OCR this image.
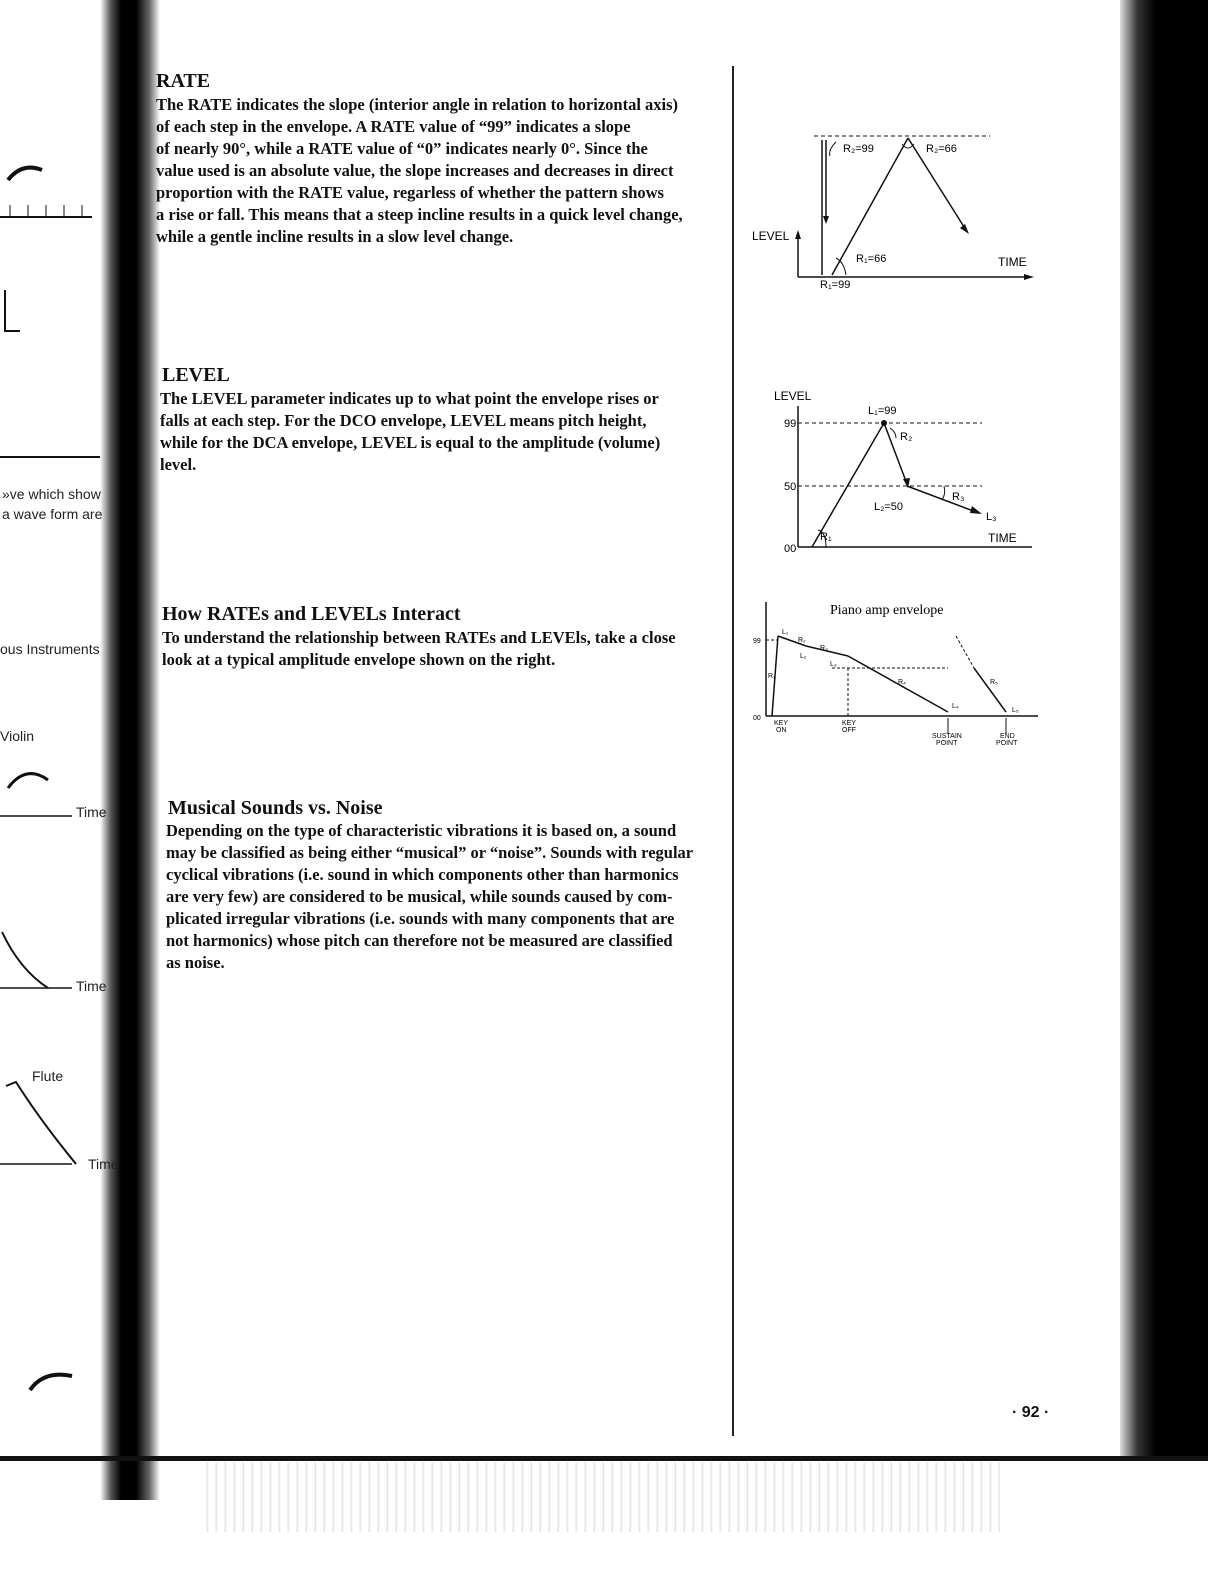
»ve which show
a wave form are
ous Instruments
Violin
Time
Time
Flute
Time
RATE
The RATE indicates the slope (interior angle in relation to horizontal axis)
of each step in the envelope. A RATE value of “99” indicates a slope
of nearly 90°, while a RATE value of “0” indicates nearly 0°. Since the
value used is an absolute value, the slope increases and decreases in direct
proportion with the RATE value, regarless of whether the pattern shows
a rise or fall. This means that a steep incline results in a quick level change,
while a gentle incline results in a slow level change.
LEVEL
The LEVEL parameter indicates up to what point the envelope rises or
falls at each step. For the DCO envelope, LEVEL means pitch height,
while for the DCA envelope, LEVEL is equal to the amplitude (volume)
level.
How RATEs and LEVELs Interact
To understand the relationship between RATEs and LEVEls, take a close
look at a typical amplitude envelope shown on the right.
Musical Sounds vs. Noise
Depending on the type of characteristic vibrations it is based on, a sound
may be classified as being either “musical” or “noise”. Sounds with regular
cyclical vibrations (i.e. sound in which components other than harmonics
are very few) are considered to be musical, while sounds caused by com-
plicated irregular vibrations (i.e. sounds with many components that are
not harmonics) whose pitch can therefore not be measured are classified
as noise.
R₂=99	R₂=66
LEVEL
R₁=66	TIME
R₁=99
LEVEL
99
50
00
L₁=99
R₂
R₃
L₂=50
L₃
R₁	TIME
Piano amp envelope
99
00
L₁
R₂
R₃
L₂
L₃
R₁
R₄	R₅
L₄
L₅
KEY
ON
KEY
OFF
SUSTAIN
POINT
END
POINT
· 92 ·
